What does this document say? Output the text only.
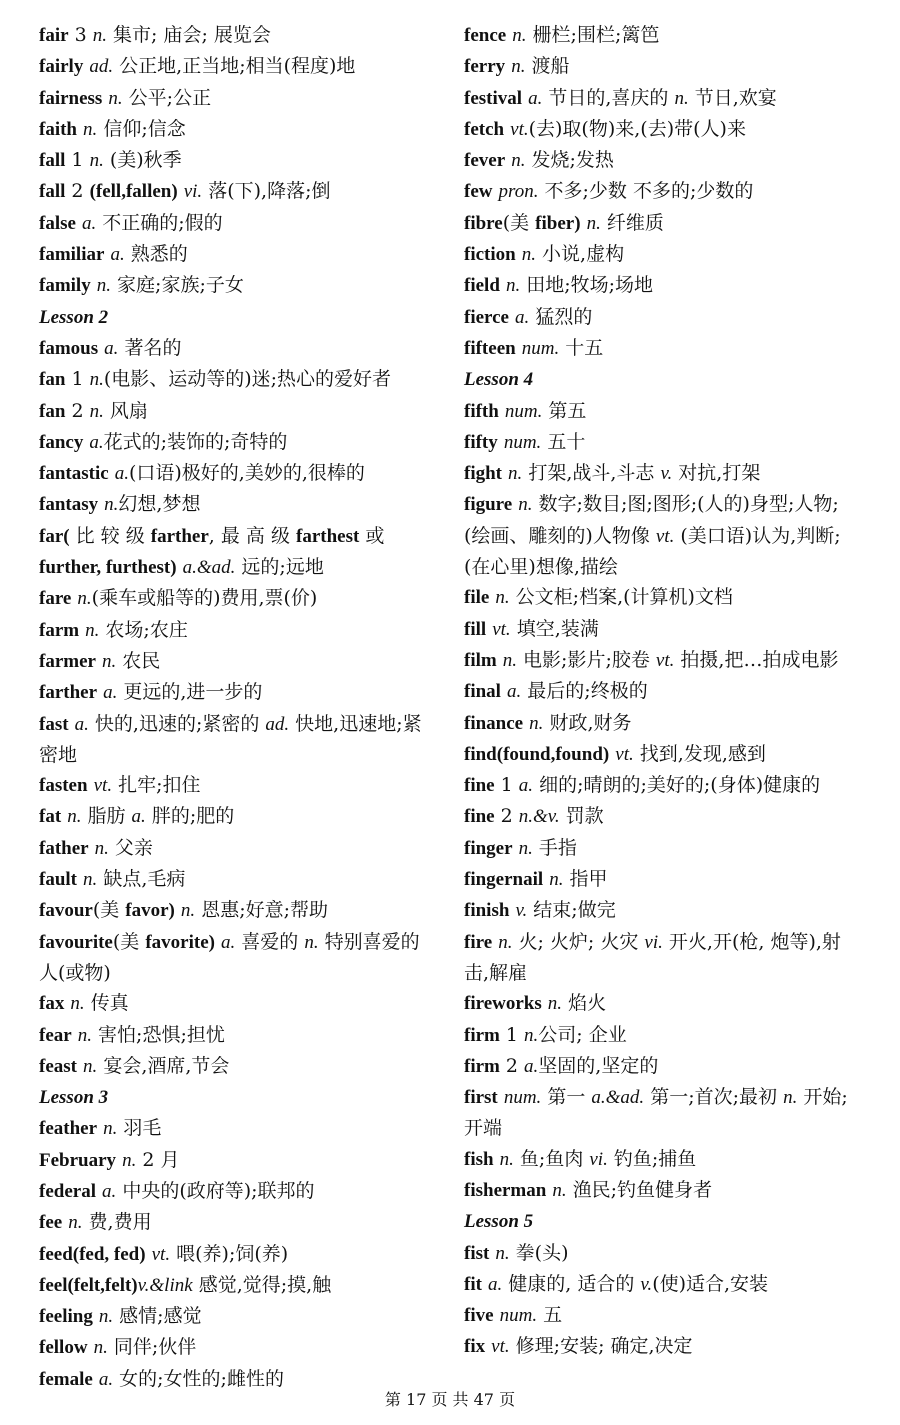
fair 3 n. 集市; 庙会; 展览会
fairly ad. 公正地,正当地;相当(程度)地
fairness n. 公平;公正
faith n. 信仰;信念
fall 1 n. (美)秋季
fall 2 (fell,fallen) vi. 落(下),降落;倒
false a. 不正确的;假的
familiar a. 熟悉的
family n. 家庭;家族;子女
Lesson 2
famous a. 著名的
fan 1 n.(电影、运动等的)迷;热心的爱好者
fan 2 n. 风扇
fancy a.花式的;装饰的;奇特的
fantastic a.(口语)极好的,美妙的,很棒的
fantasy n.幻想,梦想
far( 比 较 级 farther, 最 高 级 farthest 或 further, furthest) a.&ad. 远的;远地
fare n.(乘车或船等的)费用,票(价)
farm n. 农场;农庄
farmer n. 农民
farther a. 更远的,进一步的
fast a. 快的,迅速的;紧密的 ad. 快地,迅速地;紧密地
fasten vt. 扎牢;扣住
fat n. 脂肪 a. 胖的;肥的
father n. 父亲
fault n. 缺点,毛病
favour(美 favor) n. 恩惠;好意;帮助
favourite(美 favorite) a. 喜爱的 n. 特别喜爱的人(或物)
fax n. 传真
fear n. 害怕;恐惧;担忧
feast n. 宴会,酒席,节会
Lesson 3
feather n. 羽毛
February n. 2 月
federal a. 中央的(政府等);联邦的
fee n. 费,费用
feed(fed, fed) vt. 喂(养);饲(养)
feel(felt,felt)v.&link 感觉,觉得;摸,触
feeling n. 感情;感觉
fellow n. 同伴;伙伴
female a. 女的;女性的;雌性的
fence n. 栅栏;围栏;篱笆
ferry n. 渡船
festival a. 节日的,喜庆的 n. 节日,欢宴
fetch vt.(去)取(物)来,(去)带(人)来
fever n. 发烧;发热
few pron. 不多;少数 不多的;少数的
fibre(美 fiber) n. 纤维质
fiction n. 小说,虚构
field n. 田地;牧场;场地
fierce a. 猛烈的
fifteen num. 十五
Lesson 4
fifth num. 第五
fifty num. 五十
fight n. 打架,战斗,斗志 v. 对抗,打架
figure n. 数字;数目;图;图形;(人的)身型;人物;(绘画、雕刻的)人物像 vt. (美口语)认为,判断;(在心里)想像,描绘
file n. 公文柜;档案,(计算机)文档
fill vt. 填空,装满
film n. 电影;影片;胶卷 vt. 拍摄,把…拍成电影
final a. 最后的;终极的
finance n. 财政,财务
find(found,found) vt. 找到,发现,感到
fine 1 a. 细的;晴朗的;美好的;(身体)健康的
fine 2 n.&v. 罚款
finger n. 手指
fingernail n. 指甲
finish v. 结束;做完
fire n. 火; 火炉; 火灾 vi. 开火,开(枪, 炮等),射击,解雇
fireworks n. 焰火
firm 1 n.公司; 企业
firm 2 a.坚固的,坚定的
first num. 第一 a.&ad. 第一;首次;最初 n. 开始;开端
fish n. 鱼;鱼肉 vi. 钓鱼;捕鱼
fisherman n. 渔民;钓鱼健身者
Lesson 5
fist n. 拳(头)
fit a. 健康的, 适合的 v.(使)适合,安装
five num. 五
fix vt. 修理;安装; 确定,决定
第 17 页 共 47 页
